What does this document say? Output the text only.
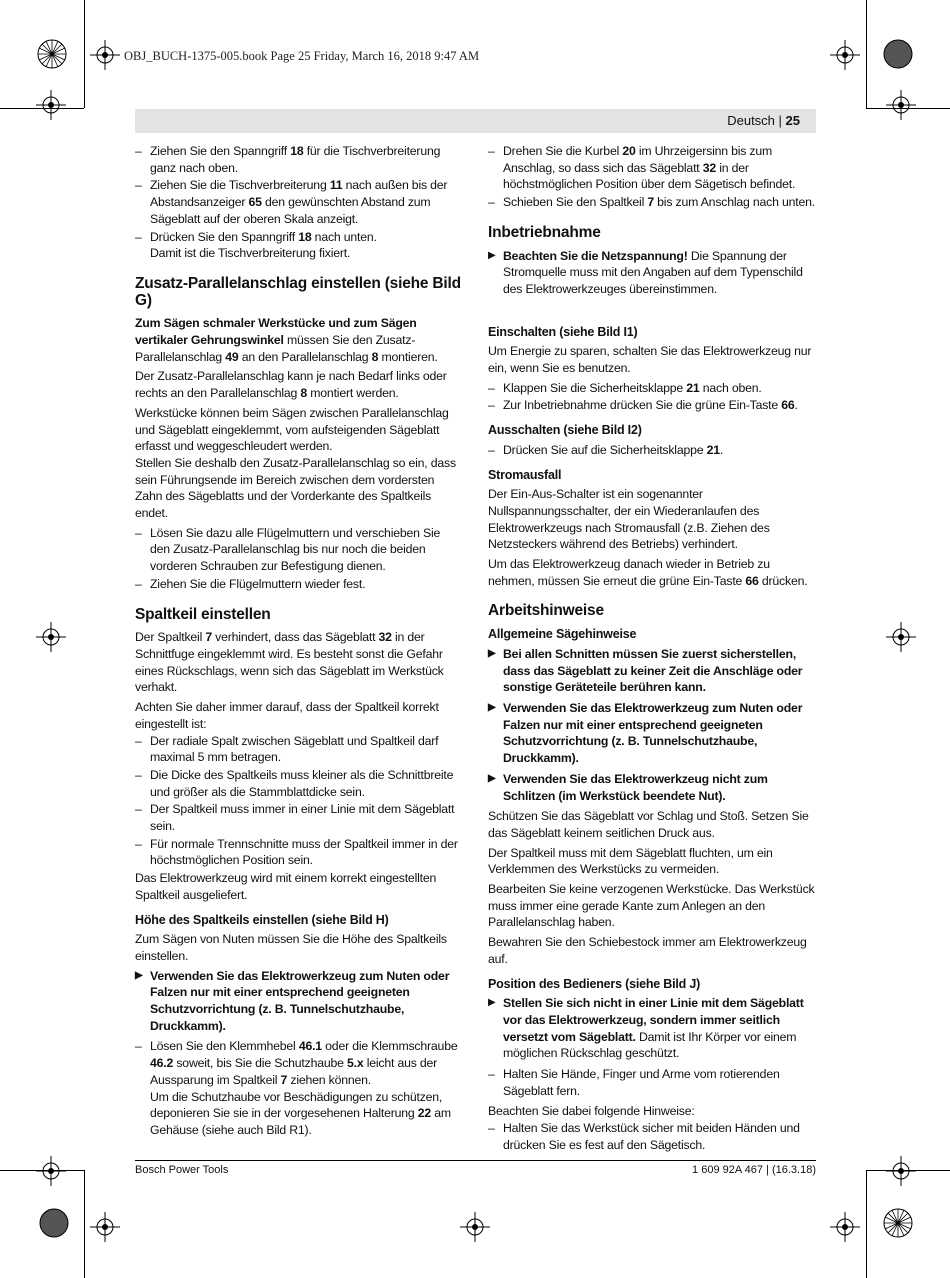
OBJ_BUCH-1375-005.book Page 25 Friday, March 16, 2018 9:47 AM
Deutsch | 25
– Ziehen Sie den Spanngriff 18 für die Tischverbreiterung ganz nach oben.
– Ziehen Sie die Tischverbreiterung 11 nach außen bis der Abstandsanzeiger 65 den gewünschten Abstand zum Sägeblatt auf der oberen Skala anzeigt.
– Drücken Sie den Spanngriff 18 nach unten.
Damit ist die Tischverbreiterung fixiert.
Zusatz-Parallelanschlag einstellen (siehe Bild G)

Zum Sägen schmaler Werkstücke und zum Sägen vertikaler Gehrungswinkel müssen Sie den Zusatz-Parallelanschlag 49 an den Parallelanschlag 8 montieren.

Der Zusatz-Parallelanschlag kann je nach Bedarf links oder rechts an den Parallelanschlag 8 montiert werden.

Werkstücke können beim Sägen zwischen Parallelanschlag und Sägeblatt eingeklemmt, vom aufsteigenden Sägeblatt erfasst und weggeschleudert werden.

Stellen Sie deshalb den Zusatz-Parallelanschlag so ein, dass sein Führungsende im Bereich zwischen dem vordersten Zahn des Sägeblatts und der Vorderkante des Spaltkeils endet.

– Lösen Sie dazu alle Flügelmuttern und verschieben Sie den Zusatz-Parallelanschlag bis nur noch die beiden vorderen Schrauben zur Befestigung dienen.
– Ziehen Sie die Flügelmuttern wieder fest.
Spaltkeil einstellen

Der Spaltkeil 7 verhindert, dass das Sägeblatt 32 in der Schnittfuge eingeklemmt wird. Es besteht sonst die Gefahr eines Rückschlags, wenn sich das Sägeblatt im Werkstück verhakt.

Achten Sie daher immer darauf, dass der Spaltkeil korrekt eingestellt ist:

– Der radiale Spalt zwischen Sägeblatt und Spaltkeil darf maximal 5 mm betragen.
– Die Dicke des Spaltkeils muss kleiner als die Schnittbreite und größer als die Stammblattdicke sein.
– Der Spaltkeil muss immer in einer Linie mit dem Sägeblatt sein.
– Für normale Trennschnitte muss der Spaltkeil immer in der höchstmöglichen Position sein.

Das Elektrowerkzeug wird mit einem korrekt eingestellten Spaltkeil ausgeliefert.

Höhe des Spaltkeils einstellen (siehe Bild H)

Zum Sägen von Nuten müssen Sie die Höhe des Spaltkeils einstellen.

▶ Verwenden Sie das Elektrowerkzeug zum Nuten oder Falzen nur mit einer entsprechend geeigneten Schutzvorrichtung (z. B. Tunnelschutzhaube, Druckkamm).
– Lösen Sie den Klemmhebel 46.1 oder die Klemmschraube 46.2 soweit, bis Sie die Schutzhaube 5.x leicht aus der Aussparung im Spaltkeil 7 ziehen können.
Um die Schutzhaube vor Beschädigungen zu schützen, deponieren Sie sie in der vorgesehenen Halterung 22 am Gehäuse (siehe auch Bild R1).
– Drehen Sie die Kurbel 20 im Uhrzeigersinn bis zum Anschlag, so dass sich das Sägeblatt 32 in der höchstmöglichen Position über dem Sägetisch befindet.
– Schieben Sie den Spaltkeil 7 bis zum Anschlag nach unten.
Inbetriebnahme
▶ Beachten Sie die Netzspannung! Die Spannung der Stromquelle muss mit den Angaben auf dem Typenschild des Elektrowerkzeuges übereinstimmen.
Einschalten (siehe Bild I1)

Um Energie zu sparen, schalten Sie das Elektrowerkzeug nur ein, wenn Sie es benutzen.

– Klappen Sie die Sicherheitsklappe 21 nach oben.
– Zur Inbetriebnahme drücken Sie die grüne Ein-Taste 66.
Ausschalten (siehe Bild I2)
– Drücken Sie auf die Sicherheitsklappe 21.
Stromausfall

Der Ein-Aus-Schalter ist ein sogenannter Nullspannungsschalter, der ein Wiederanlaufen des Elektrowerkzeugs nach Stromausfall (z.B. Ziehen des Netzsteckers während des Betriebs) verhindert.

Um das Elektrowerkzeug danach wieder in Betrieb zu nehmen, müssen Sie erneut die grüne Ein-Taste 66 drücken.

Arbeitshinweise
Allgemeine Sägehinweise
▶ Bei allen Schnitten müssen Sie zuerst sicherstellen, dass das Sägeblatt zu keiner Zeit die Anschläge oder sonstige Geräteteile berühren kann.
▶ Verwenden Sie das Elektrowerkzeug zum Nuten oder Falzen nur mit einer entsprechend geeigneten Schutzvorrichtung (z. B. Tunnelschutzhaube, Druckkamm).
▶ Verwenden Sie das Elektrowerkzeug nicht zum Schlitzen (im Werkstück beendete Nut).

Schützen Sie das Sägeblatt vor Schlag und Stoß. Setzen Sie das Sägeblatt keinem seitlichen Druck aus.

Der Spaltkeil muss mit dem Sägeblatt fluchten, um ein Verklemmen des Werkstücks zu vermeiden.

Bearbeiten Sie keine verzogenen Werkstücke. Das Werkstück muss immer eine gerade Kante zum Anlegen an den Parallelanschlag haben.

Bewahren Sie den Schiebestock immer am Elektrowerkzeug auf.

Position des Bedieners (siehe Bild J)
▶ Stellen Sie sich nicht in einer Linie mit dem Sägeblatt vor das Elektrowerkzeug, sondern immer seitlich versetzt vom Sägeblatt. Damit ist Ihr Körper vor einem möglichen Rückschlag geschützt.
– Halten Sie Hände, Finger und Arme vom rotierenden Sägeblatt fern.

Beachten Sie dabei folgende Hinweise:

– Halten Sie das Werkstück sicher mit beiden Händen und drücken Sie es fest auf den Sägetisch.
Bosch Power Tools	1 609 92A 467 | (16.3.18)
